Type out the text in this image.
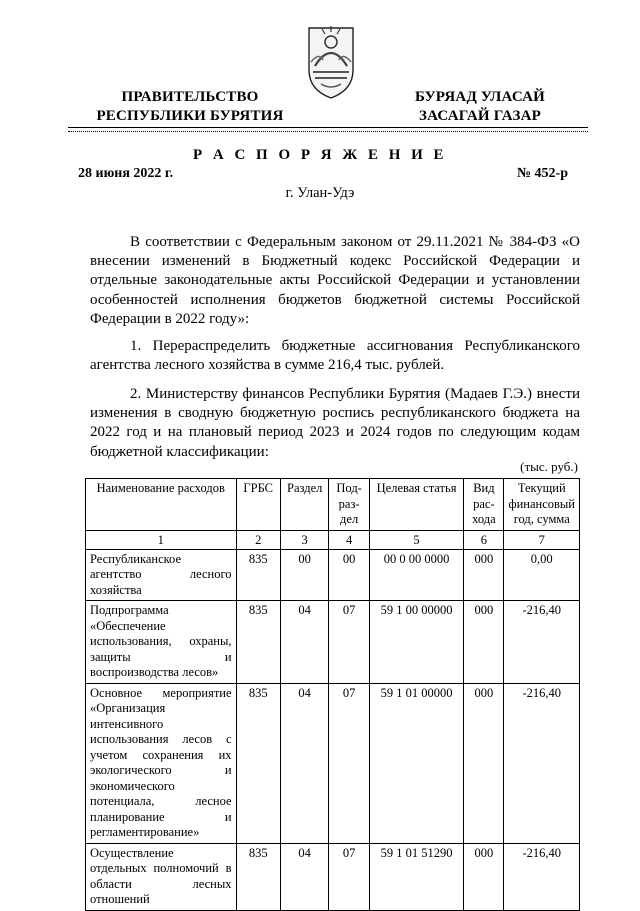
ПРАВИТЕЛЬСТВО
РЕСПУБЛИКИ БУРЯТИЯ
БУРЯАД УЛАСАЙ
ЗАСАГАЙ ГАЗАР
Р А С П О Р Я Ж Е Н И Е
28 июня 2022 г.	№ 452-р
г. Улан-Удэ
В соответствии с Федеральным законом от 29.11.2021 № 384-ФЗ «О внесении изменений в Бюджетный кодекс Российской Федерации и отдельные законодательные акты Российской Федерации и установлении особенностей исполнения бюджетов бюджетной системы Российской Федерации в 2022 году»:
1. Перераспределить бюджетные ассигнования Республиканского агентства лесного хозяйства в сумме 216,4 тыс. рублей.
2. Министерству финансов Республики Бурятия (Мадаев Г.Э.) внести изменения в сводную бюджетную роспись республиканского бюджета на 2022 год и на плановый период 2023 и 2024 годов по следующим кодам бюджетной классификации:
(тыс. руб.)
Наименование расходов	ГРБС	Раздел	Под-раз-дел	Целевая статья	Вид рас-хода	Текущий финансовый год, сумма
1	2	3	4	5	6	7
Республиканское агентство лесного хозяйства	835	00	00	00 0 00 0000	000	0,00
Подпрограмма «Обеспечение использования, охраны, защиты и воспроизводства лесов»	835	04	07	59 1 00 00000	000	-216,40
Основное мероприятие «Организация интенсивного использования лесов с учетом сохранения их экологического и экономического потенциала, лесное планирование и регламентирование»	835	04	07	59 1 01 00000	000	-216,40
Осуществление отдельных полномочий в области лесных отношений	835	04	07	59 1 01 51290	000	-216,40
